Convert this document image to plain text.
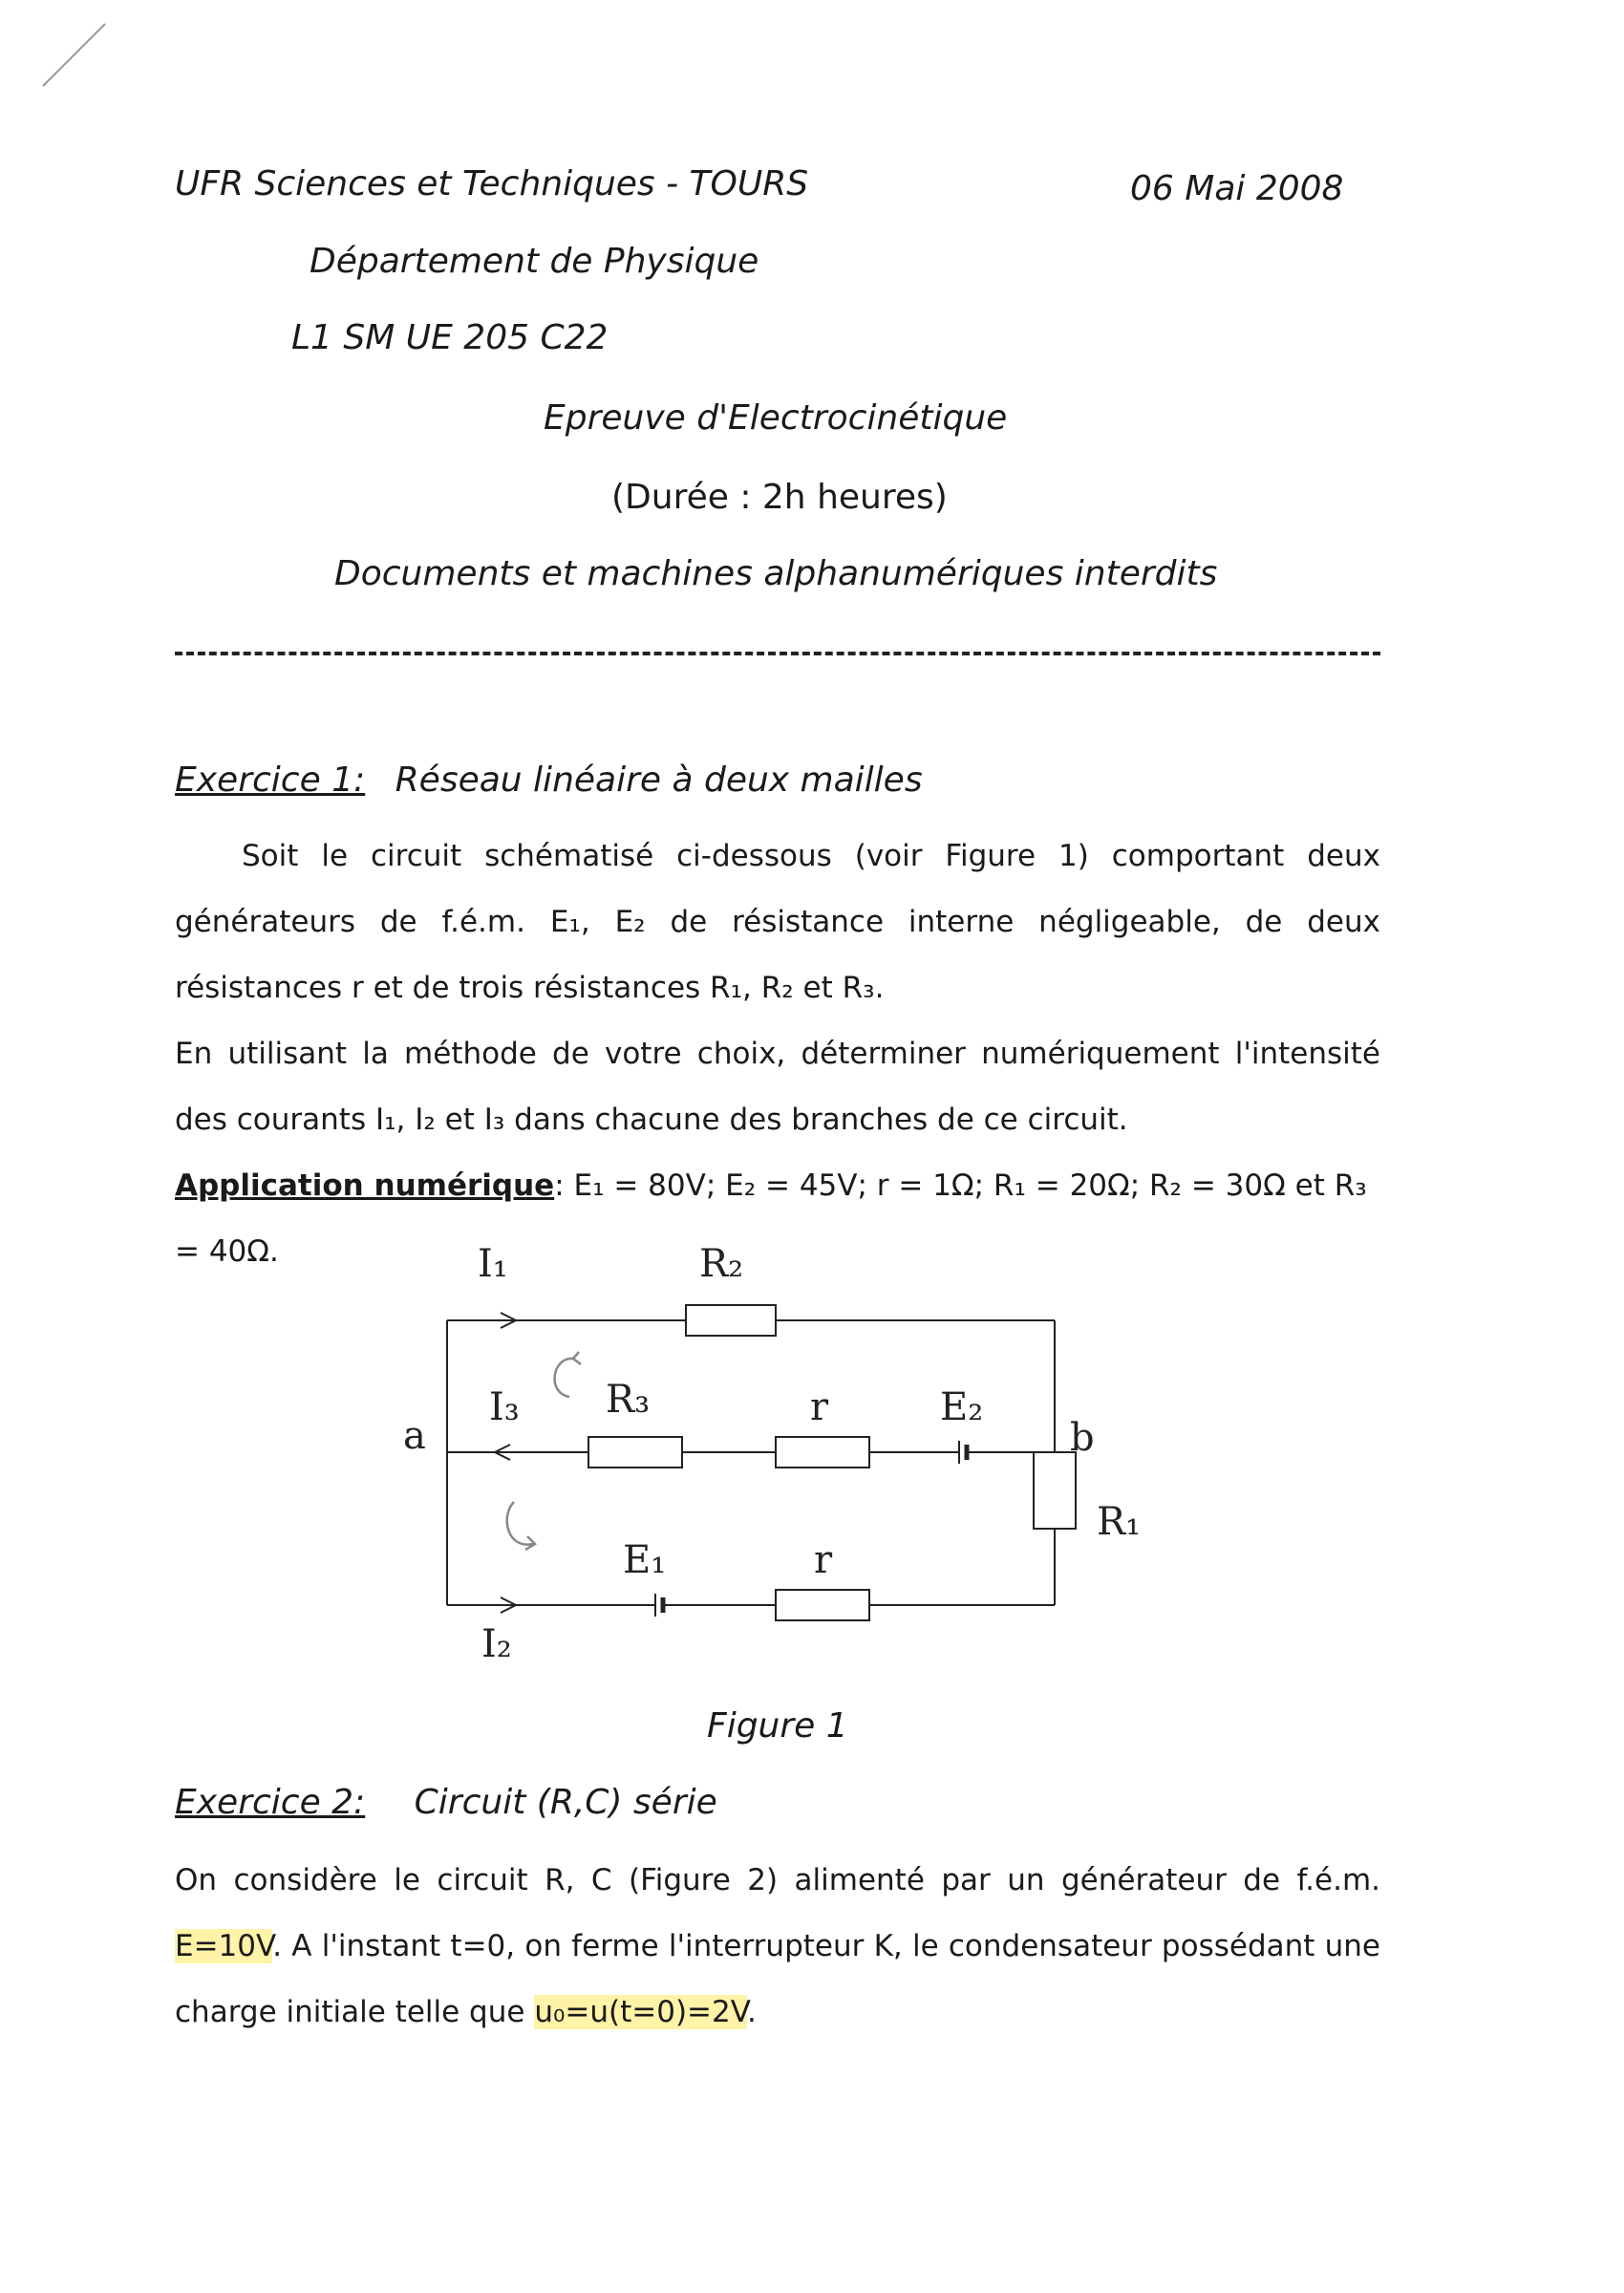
UFR Sciences et Techniques - TOURS	06 Mai 2008
Département de Physique
L1 SM UE 205 C22
Epreuve d'Electrocinétique
(Durée : 2h heures)
Documents et machines alphanumériques interdits
Exercice 1: Réseau linéaire à deux mailles

Soit le circuit schématisé ci-dessous (voir Figure 1) comportant deux générateurs de f.é.m. E₁, E₂ de résistance interne négligeable, de deux résistances r et de trois résistances R₁, R₂ et R₃.

En utilisant la méthode de votre choix, déterminer numériquement l'intensité des courants I₁, I₂ et I₃ dans chacune des branches de ce circuit.

Application numérique: E₁ = 80V; E₂ = 45V; r = 1Ω; R₁ = 20Ω; R₂ = 30Ω et R₃ = 40Ω.	I₁	R₂
I₃ R₃	r	E₂
a	b
R₁
E₁	r
I₂
Figure 1
Exercice 2: Circuit (R,C) série

On considère le circuit R, C (Figure 2) alimenté par un générateur de f.é.m. E=10V. A l'instant t=0, on ferme l'interrupteur K, le condensateur possédant une charge initiale telle que u₀=u(t=0)=2V.
